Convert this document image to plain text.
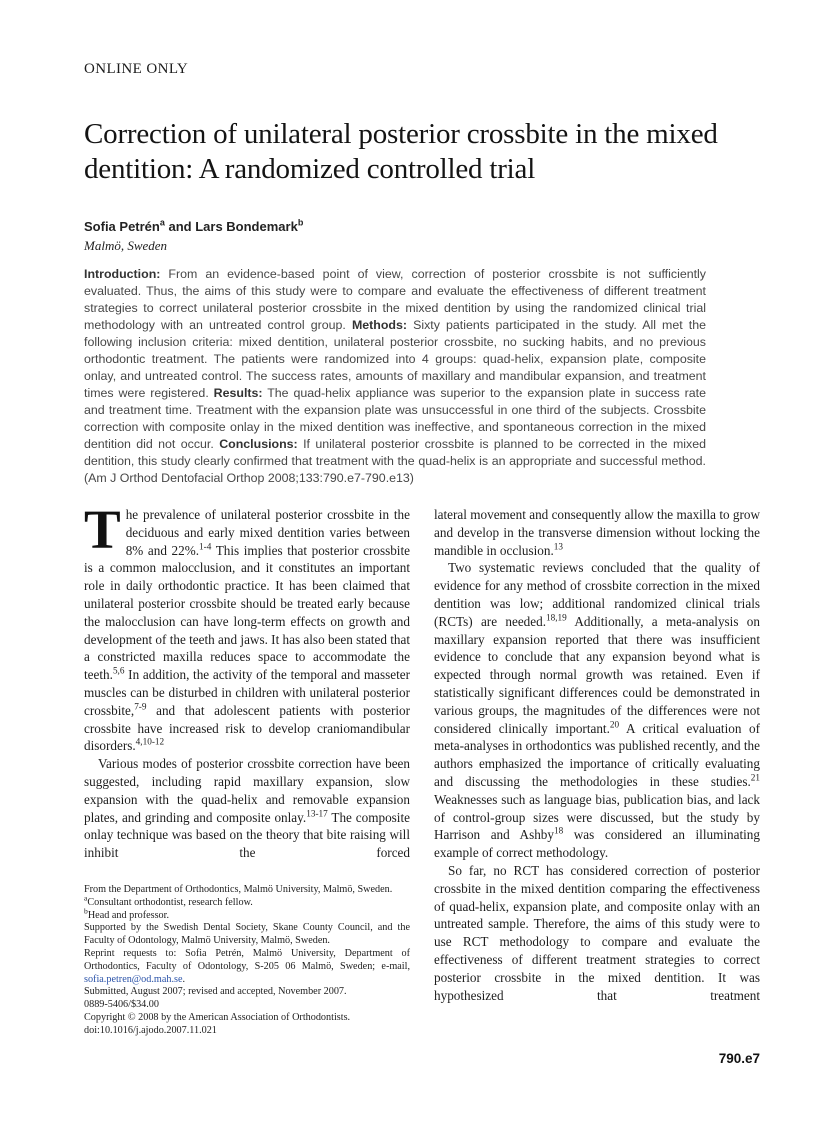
ONLINE ONLY
Correction of unilateral posterior crossbite in the mixed dentition: A randomized controlled trial
Sofia Petrén$^a$ and Lars Bondemark$^b$
Malmö, Sweden
Introduction: From an evidence-based point of view, correction of posterior crossbite is not sufficiently evaluated. Thus, the aims of this study were to compare and evaluate the effectiveness of different treatment strategies to correct unilateral posterior crossbite in the mixed dentition by using the randomized clinical trial methodology with an untreated control group. Methods: Sixty patients participated in the study. All met the following inclusion criteria: mixed dentition, unilateral posterior crossbite, no sucking habits, and no previous orthodontic treatment. The patients were randomized into 4 groups: quad-helix, expansion plate, composite onlay, and untreated control. The success rates, amounts of maxillary and mandibular expansion, and treatment times were registered. Results: The quad-helix appliance was superior to the expansion plate in success rate and treatment time. Treatment with the expansion plate was unsuccessful in one third of the subjects. Crossbite correction with composite onlay in the mixed dentition was ineffective, and spontaneous correction in the mixed dentition did not occur. Conclusions: If unilateral posterior crossbite is planned to be corrected in the mixed dentition, this study clearly confirmed that treatment with the quad-helix is an appropriate and successful method. (Am J Orthod Dentofacial Orthop 2008;133:790.e7-790.e13)

The prevalence of unilateral posterior crossbite in the deciduous and early mixed dentition varies between 8% and 22%.$^{1-4}$ This implies that posterior crossbite is a common malocclusion, and it constitutes an important role in daily orthodontic practice. It has been claimed that unilateral posterior crossbite should be treated early because the malocclusion can have long-term effects on growth and development of the teeth and jaws. It has also been stated that a constricted maxilla reduces space to accommodate the teeth.$^{5,6}$ In addition, the activity of the temporal and masseter muscles can be disturbed in children with unilateral posterior crossbite,$^{7-9}$ and that adolescent patients with posterior crossbite have increased risk to develop craniomandibular disorders.$^{4,10-12}$

Various modes of posterior crossbite correction have been suggested, including rapid maxillary expansion, slow expansion with the quad-helix and removable expansion plates, and grinding and composite onlay.$^{13-17}$ The composite onlay technique was based on the theory that bite raising will inhibit the forced

lateral movement and consequently allow the maxilla to grow and develop in the transverse dimension without locking the mandible in occlusion.$^{13}$

Two systematic reviews concluded that the quality of evidence for any method of crossbite correction in the mixed dentition was low; additional randomized clinical trials (RCTs) are needed.$^{18,19}$ Additionally, a meta-analysis on maxillary expansion reported that there was insufficient evidence to conclude that any expansion beyond what is expected through normal growth was retained. Even if statistically significant differences could be demonstrated in various groups, the magnitudes of the differences were not considered clinically important.$^{20}$ A critical evaluation of meta-analyses in orthodontics was published recently, and the authors emphasized the importance of critically evaluating and discussing the methodologies in these studies.$^{21}$ Weaknesses such as language bias, publication bias, and lack of control-group sizes were discussed, but the study by Harrison and Ashby$^{18}$ was considered an illuminating example of correct methodology.

So far, no RCT has considered correction of posterior crossbite in the mixed dentition comparing the effectiveness of quad-helix, expansion plate, and composite onlay with an untreated sample. Therefore, the aims of this study were to use RCT methodology to compare and evaluate the effectiveness of different treatment strategies to correct posterior crossbite in the mixed dentition. It was hypothesized that treatment

From the Department of Orthodontics, Malmö University, Malmö, Sweden.

$^a$Consultant orthodontist, research fellow.

$^b$Head and professor.

Supported by the Swedish Dental Society, Skane County Council, and the Faculty of Odontology, Malmö University, Malmö, Sweden.

Reprint requests to: Sofia Petrén, Malmö University, Department of Orthodontics, Faculty of Odontology, S-205 06 Malmö, Sweden; e-mail, sofia.petren@od.mah.se.

Submitted, August 2007; revised and accepted, November 2007.

0889-5406/$34.00

Copyright © 2008 by the American Association of Orthodontists.

doi:10.1016/j.ajodo.2007.11.021

790.e7
